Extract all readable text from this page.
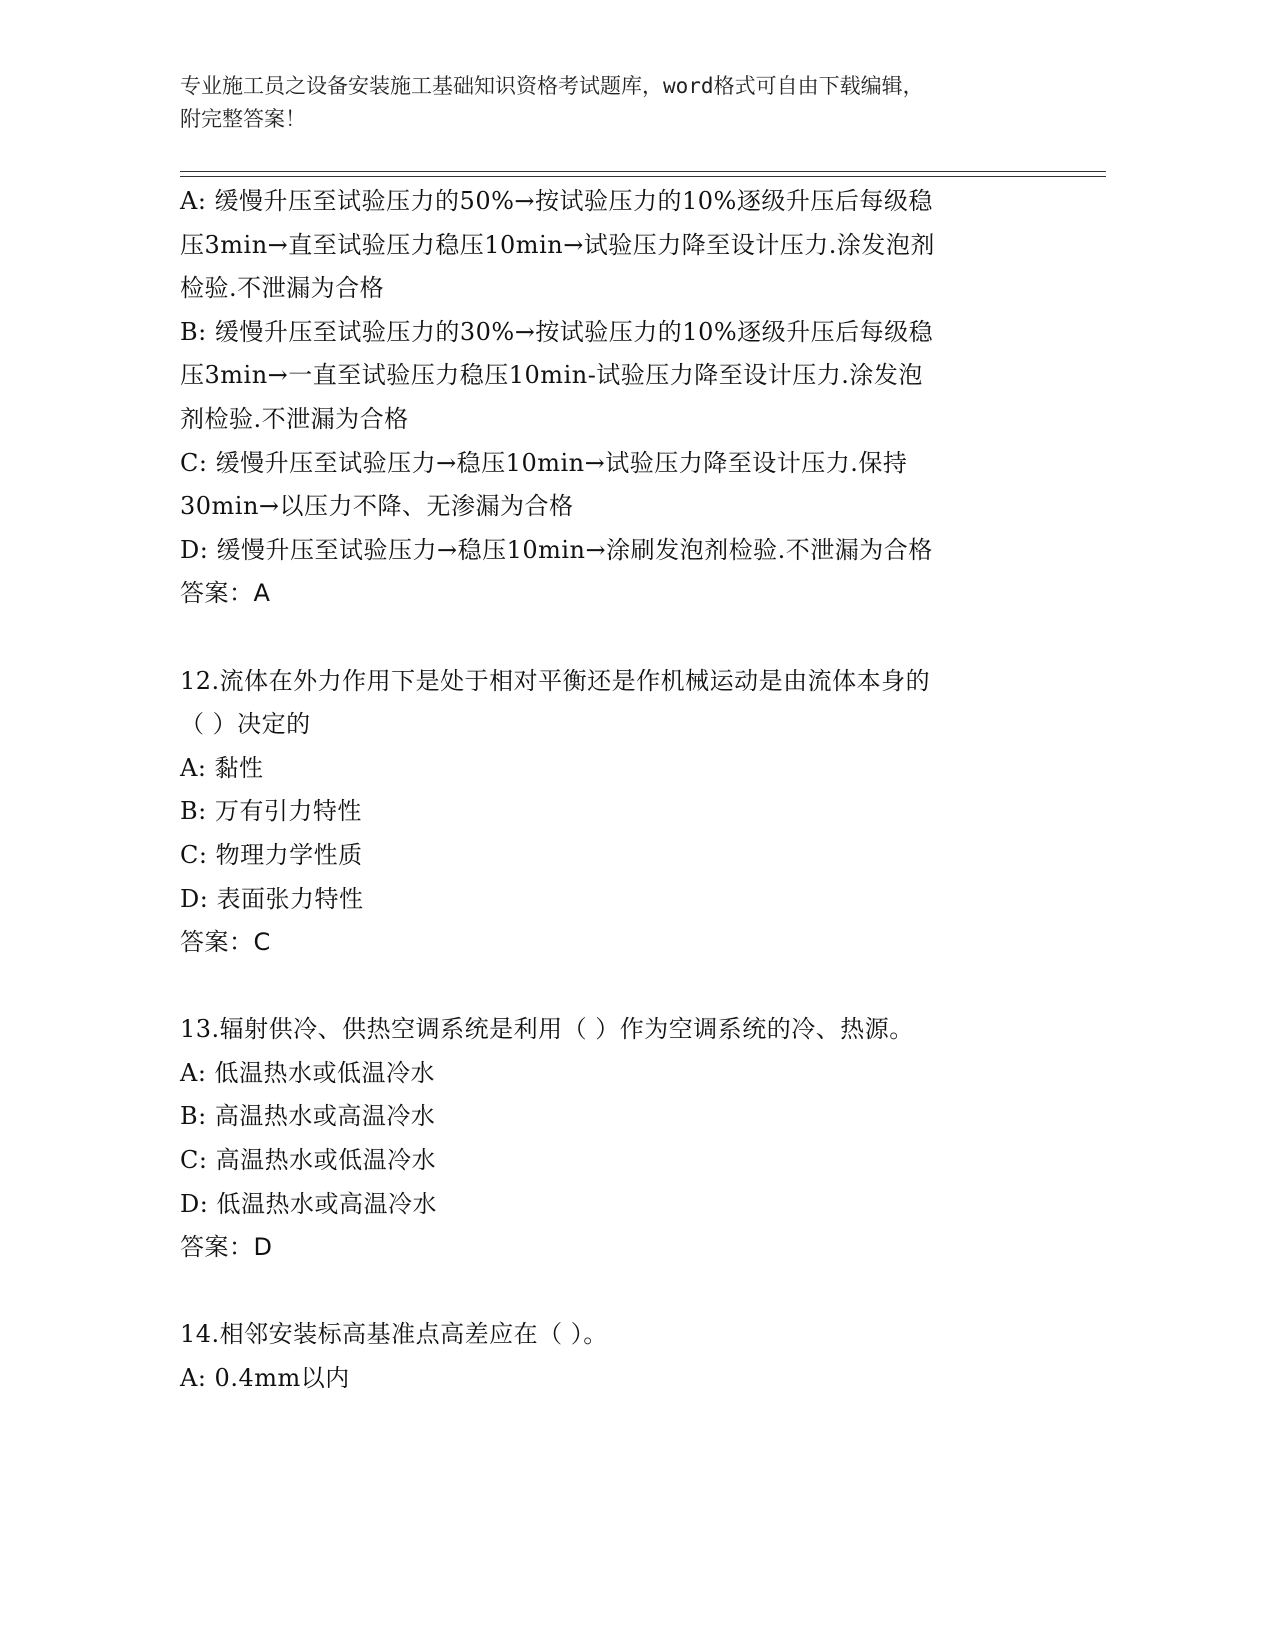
专业施工员之设备安装施工基础知识资格考试题库，word格式可自由下载编辑，
附完整答案！
A: 缓慢升压至试验压力的50%→按试验压力的10%逐级升压后每级稳
压3min→直至试验压力稳压10min→试验压力降至设计压力.涂发泡剂
检验.不泄漏为合格
B: 缓慢升压至试验压力的30%→按试验压力的10%逐级升压后每级稳
压3min→一直至试验压力稳压10min-试验压力降至设计压力.涂发泡
剂检验.不泄漏为合格
C: 缓慢升压至试验压力→稳压10min→试验压力降至设计压力.保持
30min→以压力不降、无渗漏为合格
D: 缓慢升压至试验压力→稳压10min→涂刷发泡剂检验.不泄漏为合格
答案：A
12.流体在外力作用下是处于相对平衡还是作机械运动是由流体本身的
（ ）决定的
A: 黏性
B: 万有引力特性
C: 物理力学性质
D: 表面张力特性
答案：C
13.辐射供冷、供热空调系统是利用（ ）作为空调系统的冷、热源。
A: 低温热水或低温冷水
B: 高温热水或高温冷水
C: 高温热水或低温冷水
D: 低温热水或高温冷水
答案：D
14.相邻安装标高基准点高差应在（ ）。
A: 0.4mm以内
